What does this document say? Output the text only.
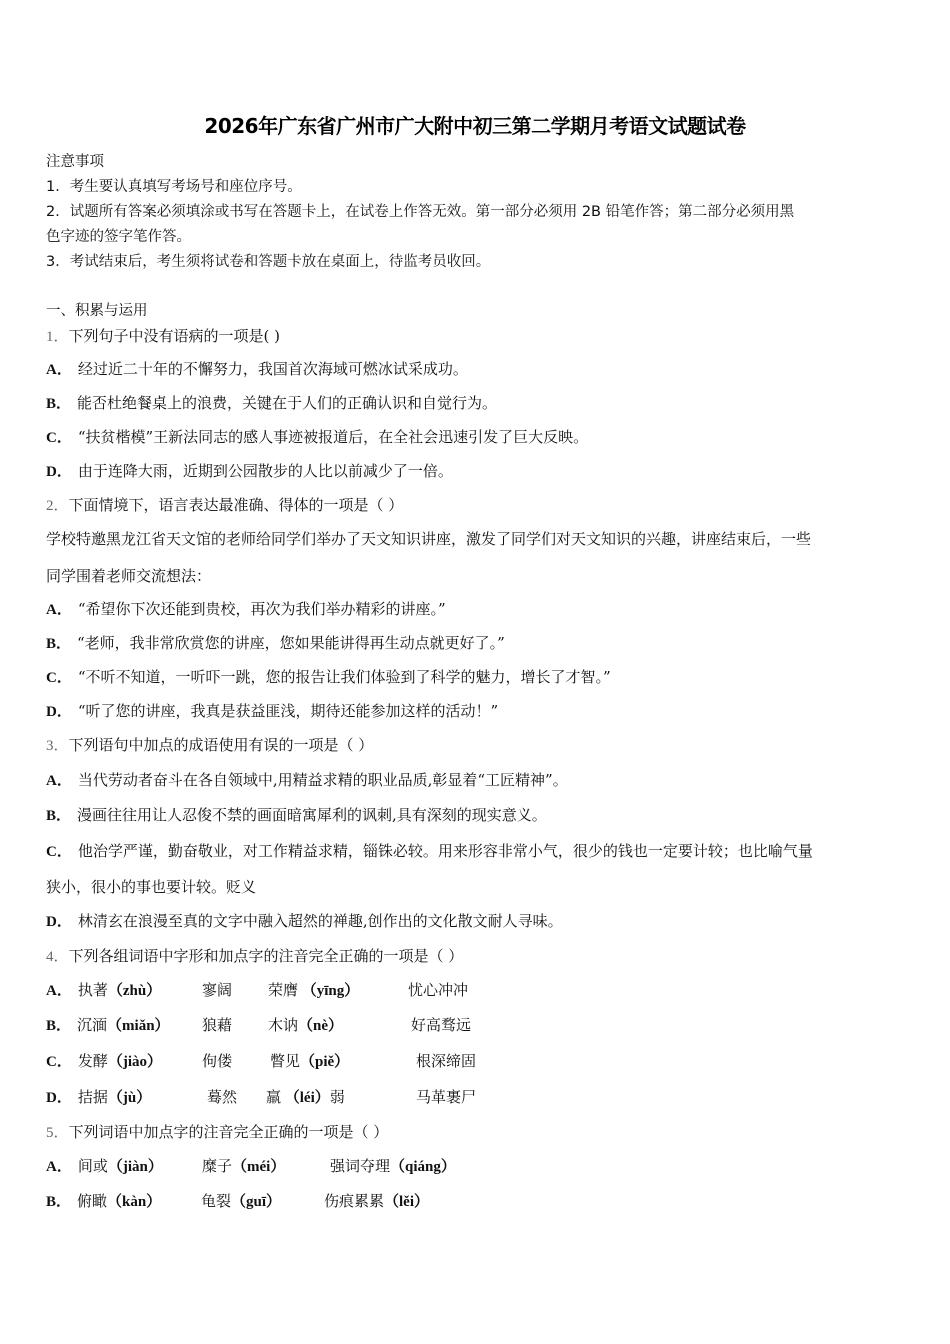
2026年广东省广州市广大附中初三第二学期月考语文试题试卷
注意事项
1．考生要认真填写考场号和座位序号。
2．试题所有答案必须填涂或书写在答题卡上，在试卷上作答无效。第一部分必须用 2B 铅笔作答；第二部分必须用黑
色字迹的签字笔作答。
3．考试结束后，考生须将试卷和答题卡放在桌面上，待监考员收回。
一、积累与运用
1．下列句子中没有语病的一项是( )
A． 经过近二十年的不懈努力，我国首次海域可燃冰试采成功。
B． 能否杜绝餐桌上的浪费，关键在于人们的正确认识和自觉行为。
C． “扶贫楷模”王新法同志的感人事迹被报道后，在全社会迅速引发了巨大反映。
D． 由于连降大雨，近期到公园散步的人比以前减少了一倍。
2．下面情境下，语言表达最准确、得体的一项是（ ）
学校特邀黑龙江省天文馆的老师给同学们举办了天文知识讲座，激发了同学们对天文知识的兴趣，讲座结束后，一些
同学围着老师交流想法：
A． “希望你下次还能到贵校，再次为我们举办精彩的讲座。”
B． “老师，我非常欣赏您的讲座，您如果能讲得再生动点就更好了。”
C． “不听不知道，一听吓一跳，您的报告让我们体验到了科学的魅力，增长了才智。”
D． “听了您的讲座，我真是获益匪浅，期待还能参加这样的活动！”
3．下列语句中加点的成语使用有误的一项是（ ）
A． 当代劳动者奋斗在各自领域中,用精益求精的职业品质,彰显着“工匠精神”。
B． 漫画往往用让人忍俊不禁的画面暗寓犀利的讽刺,具有深刻的现实意义。
C． 他治学严谨，勤奋敬业，对工作精益求精，锱铢必较。用来形容非常小气，很少的钱也一定要计较；也比喻气量
狭小，很小的事也要计较。贬义
D． 林清玄在浪漫至真的文字中融入超然的禅趣,创作出的文化散文耐人寻味。
4．下列各组词语中字形和加点字的注音完全正确的一项是（ ）
A． 执著（zhù）	寥阔 荣膺 （yīng）	忧心冲冲
B． 沉湎（miǎn） 狼藉 木讷（nè）	好高骛远
C． 发酵（jiào）	佝偻	瞥见（piě）	根深缔固
D． 拮据（jù）	蓦然 羸 （léi）弱	马革裹尸
5．下列词语中加点字的注音完全正确的一项是（ ）
A． 间或（jiàn）	糜子（méi）	强词夺理（qiáng）
B． 俯瞰（kàn）	龟裂（guī）	伤痕累累（lěi）
